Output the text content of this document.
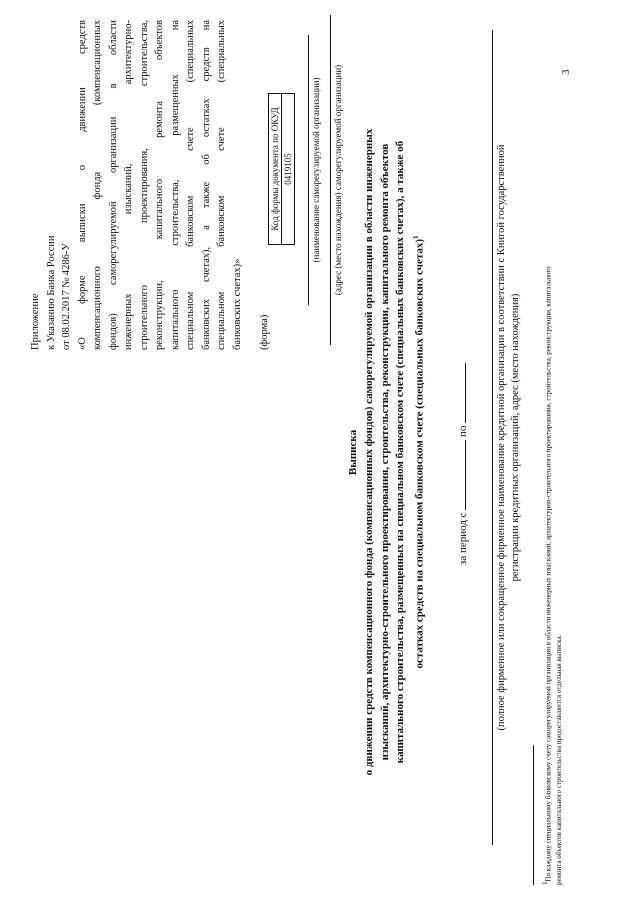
Приложение к Указанию Банка России от 08.02.2017 № 4286-У «О форме выписки о движении средств компенсационного фонда (компенсационных фондов) саморегулируемой организации в области инженерных изысканий, архитектурно- строительного проектирования, строительства, реконструкции, капитального ремонта объектов капитального строительства, размещенных на специальном банковском счете (специальных банковских счетах), а также об остатках средств на специальном банковском счете (специальных банковских счетах)» (форма)
Код формы документа по ОКУД 0419105 (наименование саморегулируемой организации) (адрес (место нахождения) саморегулируемой организации)
Выписка о движении средств компенсационного фонда (компенсационных фондов) саморегулируемой организации в области инженерных изысканий, архитектурно-строительного проектирования, строительства, реконструкции, капитального ремонта объектов капитального строительства, размещенных на специальном банковском счете (специальных банковских счетах), а также об остатках средств на специальном банковском счете (специальных банковских счетах)$^1$
за период с  по	(полное фирменное или сокращенное фирменное наименование кредитной организации в соответствии с Книгой государственной регистрации кредитных организаций, адрес (место нахождения)
$^1$По каждому специальному банковскому счету саморегулируемой организации в области инженерных изысканий, архитектурно-строительного проектирования, строительства, реконструкции, капитального ремонта объектов капитального строительства предоставляется отдельная выписка.
3
